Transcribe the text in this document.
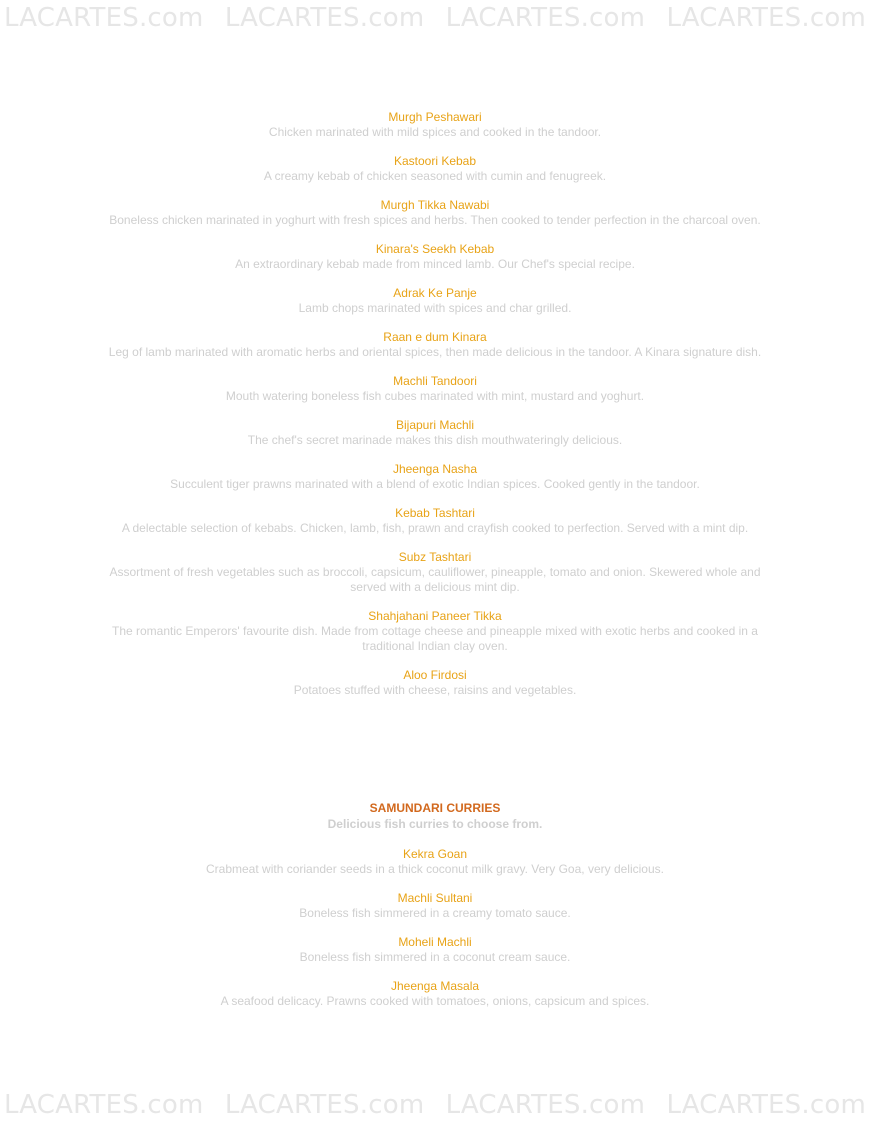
LACARTES.com LACARTES.com LACARTES.com LACARTES.com
Murgh Peshawari
Chicken marinated with mild spices and cooked in the tandoor.
Kastoori Kebab
A creamy kebab of chicken seasoned with cumin and fenugreek.
Murgh Tikka Nawabi
Boneless chicken marinated in yoghurt with fresh spices and herbs. Then cooked to tender perfection in the charcoal oven.
Kinara's Seekh Kebab
An extraordinary kebab made from minced lamb. Our Chef's special recipe.
Adrak Ke Panje
Lamb chops marinated with spices and char grilled.
Raan e dum Kinara
Leg of lamb marinated with aromatic herbs and oriental spices, then made delicious in the tandoor. A Kinara signature dish.
Machli Tandoori
Mouth watering boneless fish cubes marinated with mint, mustard and yoghurt.
Bijapuri Machli
The chef's secret marinade makes this dish mouthwateringly delicious.
Jheenga Nasha
Succulent tiger prawns marinated with a blend of exotic Indian spices. Cooked gently in the tandoor.
Kebab Tashtari
A delectable selection of kebabs. Chicken, lamb, fish, prawn and crayfish cooked to perfection. Served with a mint dip.
Subz Tashtari
Assortment of fresh vegetables such as broccoli, capsicum, cauliflower, pineapple, tomato and onion. Skewered whole and served with a delicious mint dip.
Shahjahani Paneer Tikka
The romantic Emperors' favourite dish. Made from cottage cheese and pineapple mixed with exotic herbs and cooked in a traditional Indian clay oven.
Aloo Firdosi
Potatoes stuffed with cheese, raisins and vegetables.
SAMUNDARI CURRIES
Delicious fish curries to choose from.
Kekra Goan
Crabmeat with coriander seeds in a thick coconut milk gravy. Very Goa, very delicious.
Machli Sultani
Boneless fish simmered in a creamy tomato sauce.
Moheli Machli
Boneless fish simmered in a coconut cream sauce.
Jheenga Masala
A seafood delicacy. Prawns cooked with tomatoes, onions, capsicum and spices.
LACARTES.com LACARTES.com LACARTES.com LACARTES.com
